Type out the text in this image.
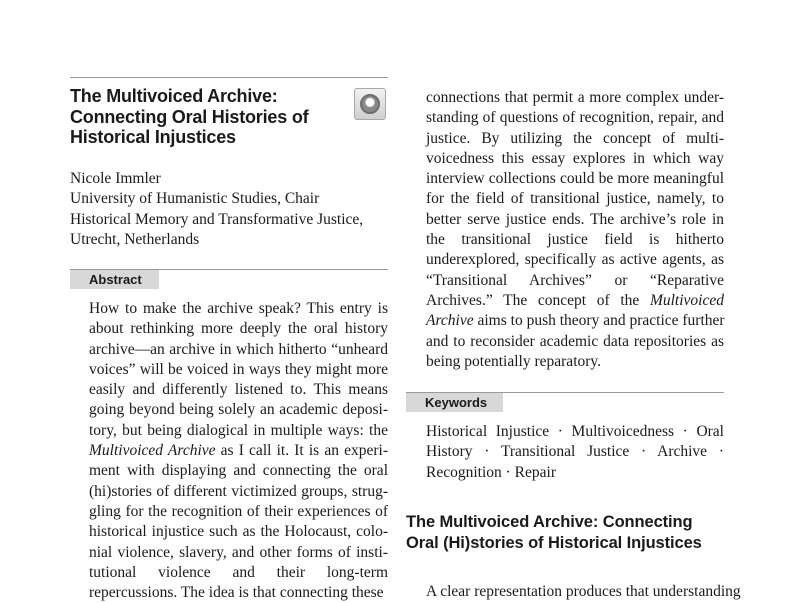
The Multivoiced Archive:
Connecting Oral Histories of
Historical Injustices
Nicole Immler
University of Humanistic Studies, Chair
Historical Memory and Transformative Justice,
Utrecht, Netherlands
Abstract
How to make the archive speak? This entry is
about rethinking more deeply the oral history
archive—an archive in which hitherto “unheard
voices” will be voiced in ways they might more
easily and differently listened to. This means
going beyond being solely an academic deposi-
tory, but being dialogical in multiple ways: the
Multivoiced Archive as I call it. It is an experi-
ment with displaying and connecting the oral
(hi)stories of different victimized groups, strug-
gling for the recognition of their experiences of
historical injustice such as the Holocaust, colo-
nial violence, slavery, and other forms of insti-
tutional violence and their long-term
repercussions. The idea is that connecting these
connections that permit a more complex under-
standing of questions of recognition, repair, and
justice. By utilizing the concept of multi-
voicedness this essay explores in which way
interview collections could be more meaningful
for the field of transitional justice, namely, to
better serve justice ends. The archive’s role in
the transitional justice field is hitherto
underexplored, specifically as active agents, as
“Transitional Archives” or “Reparative
Archives.” The concept of the Multivoiced
Archive aims to push theory and practice further
and to reconsider academic data repositories as
being potentially reparatory.
Keywords
Historical Injustice · Multivoicedness · Oral
History · Transitional Justice · Archive ·
Recognition · Repair
The Multivoiced Archive: Connecting
Oral (Hi)stories of Historical Injustices
A clear representation produces that understanding
